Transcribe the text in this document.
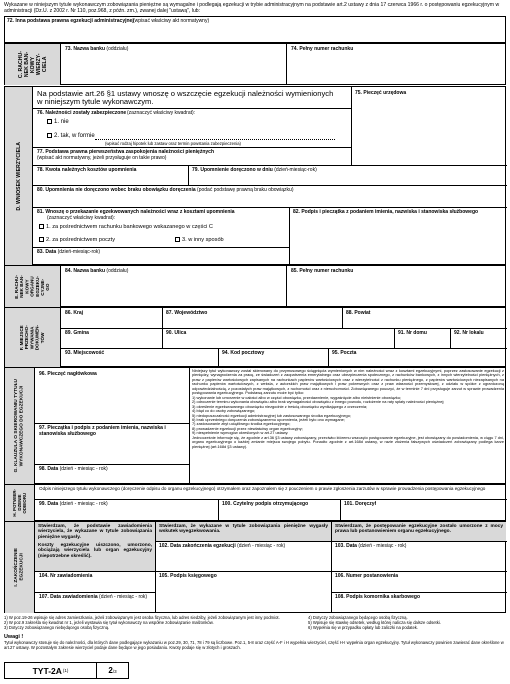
Wykazane w niniejszym tytule wykonawczym zobowiązania pieniężne są wymagalne i podlegają egzekucji w trybie administracyjnym na podstawie art.2 ustawy z dnia 17 czerwca 1966 r. o postępowaniu egzekucyjnym w administracji (Dz.U. z 2002 r. Nr 110, poz.968, z późn. zm.), zwanej dalej "ustawą", lub:
72. Inna podstawa prawna egzekucji administracyjnej (wpisać właściwy akt normatywny)
C. RACHU-
NEK BAN-
KOWY
WIERZY-
CIELA
73. Nazwa banku (oddziału)	74. Pełny numer rachunku
D. WNIOSEK WIERZYCIELA
Na podstawie art.26 §1 ustawy wnoszę o wszczęcie egzekucji należności wymienionych w niniejszym tytule wykonawczym.
75. Pieczęć urzędowa
76. Należności zostały zabezpieczone (zaznaczyć właściwy kwadrat):
1. nie
2. tak, w formie
(wpisać rodzaj hipotek lub zastaw oraz termin powstania zabezpieczenia)
77. Podstawa prawna pierwszeństwa zaspokojenia należności pieniężnych
(wpisać akt normatywny, jeżeli przysługuje on takie prawo)
78. Kwota należnych kosztów upomnienia	79. Upomnienie doręczono w dniu (dzień-miesiąc-rok)
80. Upomnienia nie doręczono wobec braku obowiązku doręczenia (podać podstawę prawną braku obowiązku)
81. Wnoszę o przekazanie egzekwowanych należności wraz z kosztami upomnienia
(zaznaczyć właściwy kwadrat):
1. za pośrednictwem rachunku bankowego wskazanego w części C
2. za pośrednictwem poczty	3. w inny sposób
83. Data (dzień-miesiąc-rok)
82. Podpis i pieczątka z podaniem imienia, nazwiska i stanowiska służbowego
E. RACHU-
NEK BAN-
KOWY
ORGANU
EGZEKU-
CYJNE-
GO
84. Nazwa banku (oddziału)	85. Pełny numer rachunku
F. MIEJSCE
PRZECHO-
WYWANIA
DOKUMEN-
TÓW
86. Kraj	87. Województwo	88. Powiat
89. Gmina	90. Ulica	91. Nr domu	92. Nr lokalu
93. Miejscowość	94. Kod pocztowy	95. Poczta
G. KLAUZULA O SKIEROWANIU TYTUŁU
WYKONAWCZEGO DO EGZEKUCJI
96. Pieczęć nagłówkowa
97. Pieczątka i podpis z podaniem imienia, nazwiska i stanowiska służbowego
98. Data (dzień - miesiąc - rok)
Niniejszy tytuł wykonawczy został skierowany do przymusowego ściągnięcia wymienionych w nim należności wraz z kosztami egzekucyjnymi, poprzez zastosowanie egzekucji z pieniędzy, wynagrodzenia za pracę, ze świadczeń z zaopatrzenia emerytalnego oraz ubezpieczenia społecznego, z rachunków bankowych, z innych wierzytelności pieniężnych, z praw z papierów wartościowych zapisanych na rachunkach papierów wartościowych oraz z wierzytelności z rachunku pieniężnego, z papierów wartościowych niezapisanych na rachunku papierów wartościowych, z weksla, z autorskich praw majątkowych i praw pokrewnych oraz z praw własności przemysłowej, z udziału w spółce z ograniczoną odpowiedzialnością, z pozostałych praw majątkowych, z ruchomości oraz z nieruchomości. Zobowiązanego pouczyć, że w terminie 7 dni przysługuje zarzut w sprawie prowadzenia postępowania egzekucyjnego. Podstawą zarzutu może być tylko:
1) wykonanie lub umorzenie w całości albo w części obowiązku, przedawnienie, wygaśnięcie albo nieistnienie obowiązku;
2) odroczenie terminu wykonania obowiązku albo brak wymagalności obowiązku z innego powodu, rozłożenie na raty spłaty należności pieniężnej;
3) określenie egzekwowanego obowiązku niezgodnie z treścią obowiązku wynikającego z orzeczenia;
4) błąd co do osoby zobowiązanego;
5) niedopuszczalność egzekucji administracyjnej lub zastosowanego środka egzekucyjnego;
6) brak uprzedniego doręczenia zobowiązanemu upomnienia, jeżeli było ono wymagane;
7) zastosowanie zbyt uciążliwego środka egzekucyjnego;
8) prowadzenie egzekucji przez niewłaściwy organ egzekucyjny;
9) niespełnienie wymogów określonych w art.27 ustawy.
Jednocześnie informuje się, że zgodnie z art.36 §3 ustawy zobowiązany, przeciwko któremu wszczęto postępowanie egzekucyjne, jest obowiązany do powiadomienia, w ciągu 7 dni, organu egzekucyjnego o każdej zmianie miejsca swojego pobytu. Ponadto zgodnie z art.168d ustawy, w razie złożenia fałszywych oświadczeń zobowiązany podlega karze pieniężnej (art.168d §3 ustawy).
H. POTWIER-
DZENIE
ODBIORU
Odpis niniejszego tytułu wykonawczego (doręczenie odpisu do organu egzekucyjnego) otrzymałem oraz zapoznałem się z pouczeniem o prawie zgłoszenia zarzutów w sprawie prowadzenia postępowania egzekucyjnego
99. Data (dzień - miesiąc - rok)	100. Czytelny podpis otrzymującego	101. Doręczył
I. ZAKOŃCZENIE
EGZEKUCJI
Stwierdzam, że podstawie zawiadomienia wierzyciela, że wykazane w tytule zobowiązania pieniężne wygasły.
Stwierdzam, że wykazane w tytule zobowiązania pieniężne wygasły wskutek wyegzekwowania.
Stwierdzam, że postępowanie egzekucyjne zostało umorzone z mocy prawa lub postanowieniem organu egzekucyjnego.
Koszty egzekucyjne uiszczono, umorzono, obciążają wierzyciela lub organ egzekucyjny (niepotrzebne skreślić).
102. Data zakończenia egzekucji (dzień - miesiąc - rok)	103. Data (dzień - miesiąc - rok)
104. Nr zawiadomienia	105. Podpis księgowego	106. Numer postanowienia
107. Data zawiadomienia (dzień - miesiąc - rok)	108. Podpis komornika skarbowego
1) W poz.19-26 wpisuje się adres zamieszkania, jeżeli zobowiązanym jest osoba fizyczna, lub adres siedziby, jeżeli zobowiązanym jest inny podmiot.
2) W poz.9 zakreśla się kwadrat nr 1, jeżeli wystawia się tytuł wykonawczy na współne zobowiązanie małżonków.
3) Dotyczy zobowiązanego niebędącego osobą fizyczną.
4) Dotyczy zobowiązanego będącego osobą fizyczną.
5) Wpisuje się stawkę odsetek, według której nalicza się dalsze odsetki.
6) Wypełnia się w przypadku opłaty lub zaliczki na podatek.
Uwagi !
Tytuł wykonawczy stosuje się do należności, dla których dane podlegające wykazaniu w poz.29, 30, 71, 78 i 79 są liczbowe. Poz.1, 5-8 oraz część A-F i H wypełnia wierzyciel, część H-I wypełnia organ egzekucyjny. Tytuł wykonawczy powinien zawierać dane określone w art.27 ustawy. W pozostałym zakresie wierzyciel podaje dane będące w jego posiadaniu. Kwoty podaje się w złotych i groszach.
TYT-2A (1)	2/3
